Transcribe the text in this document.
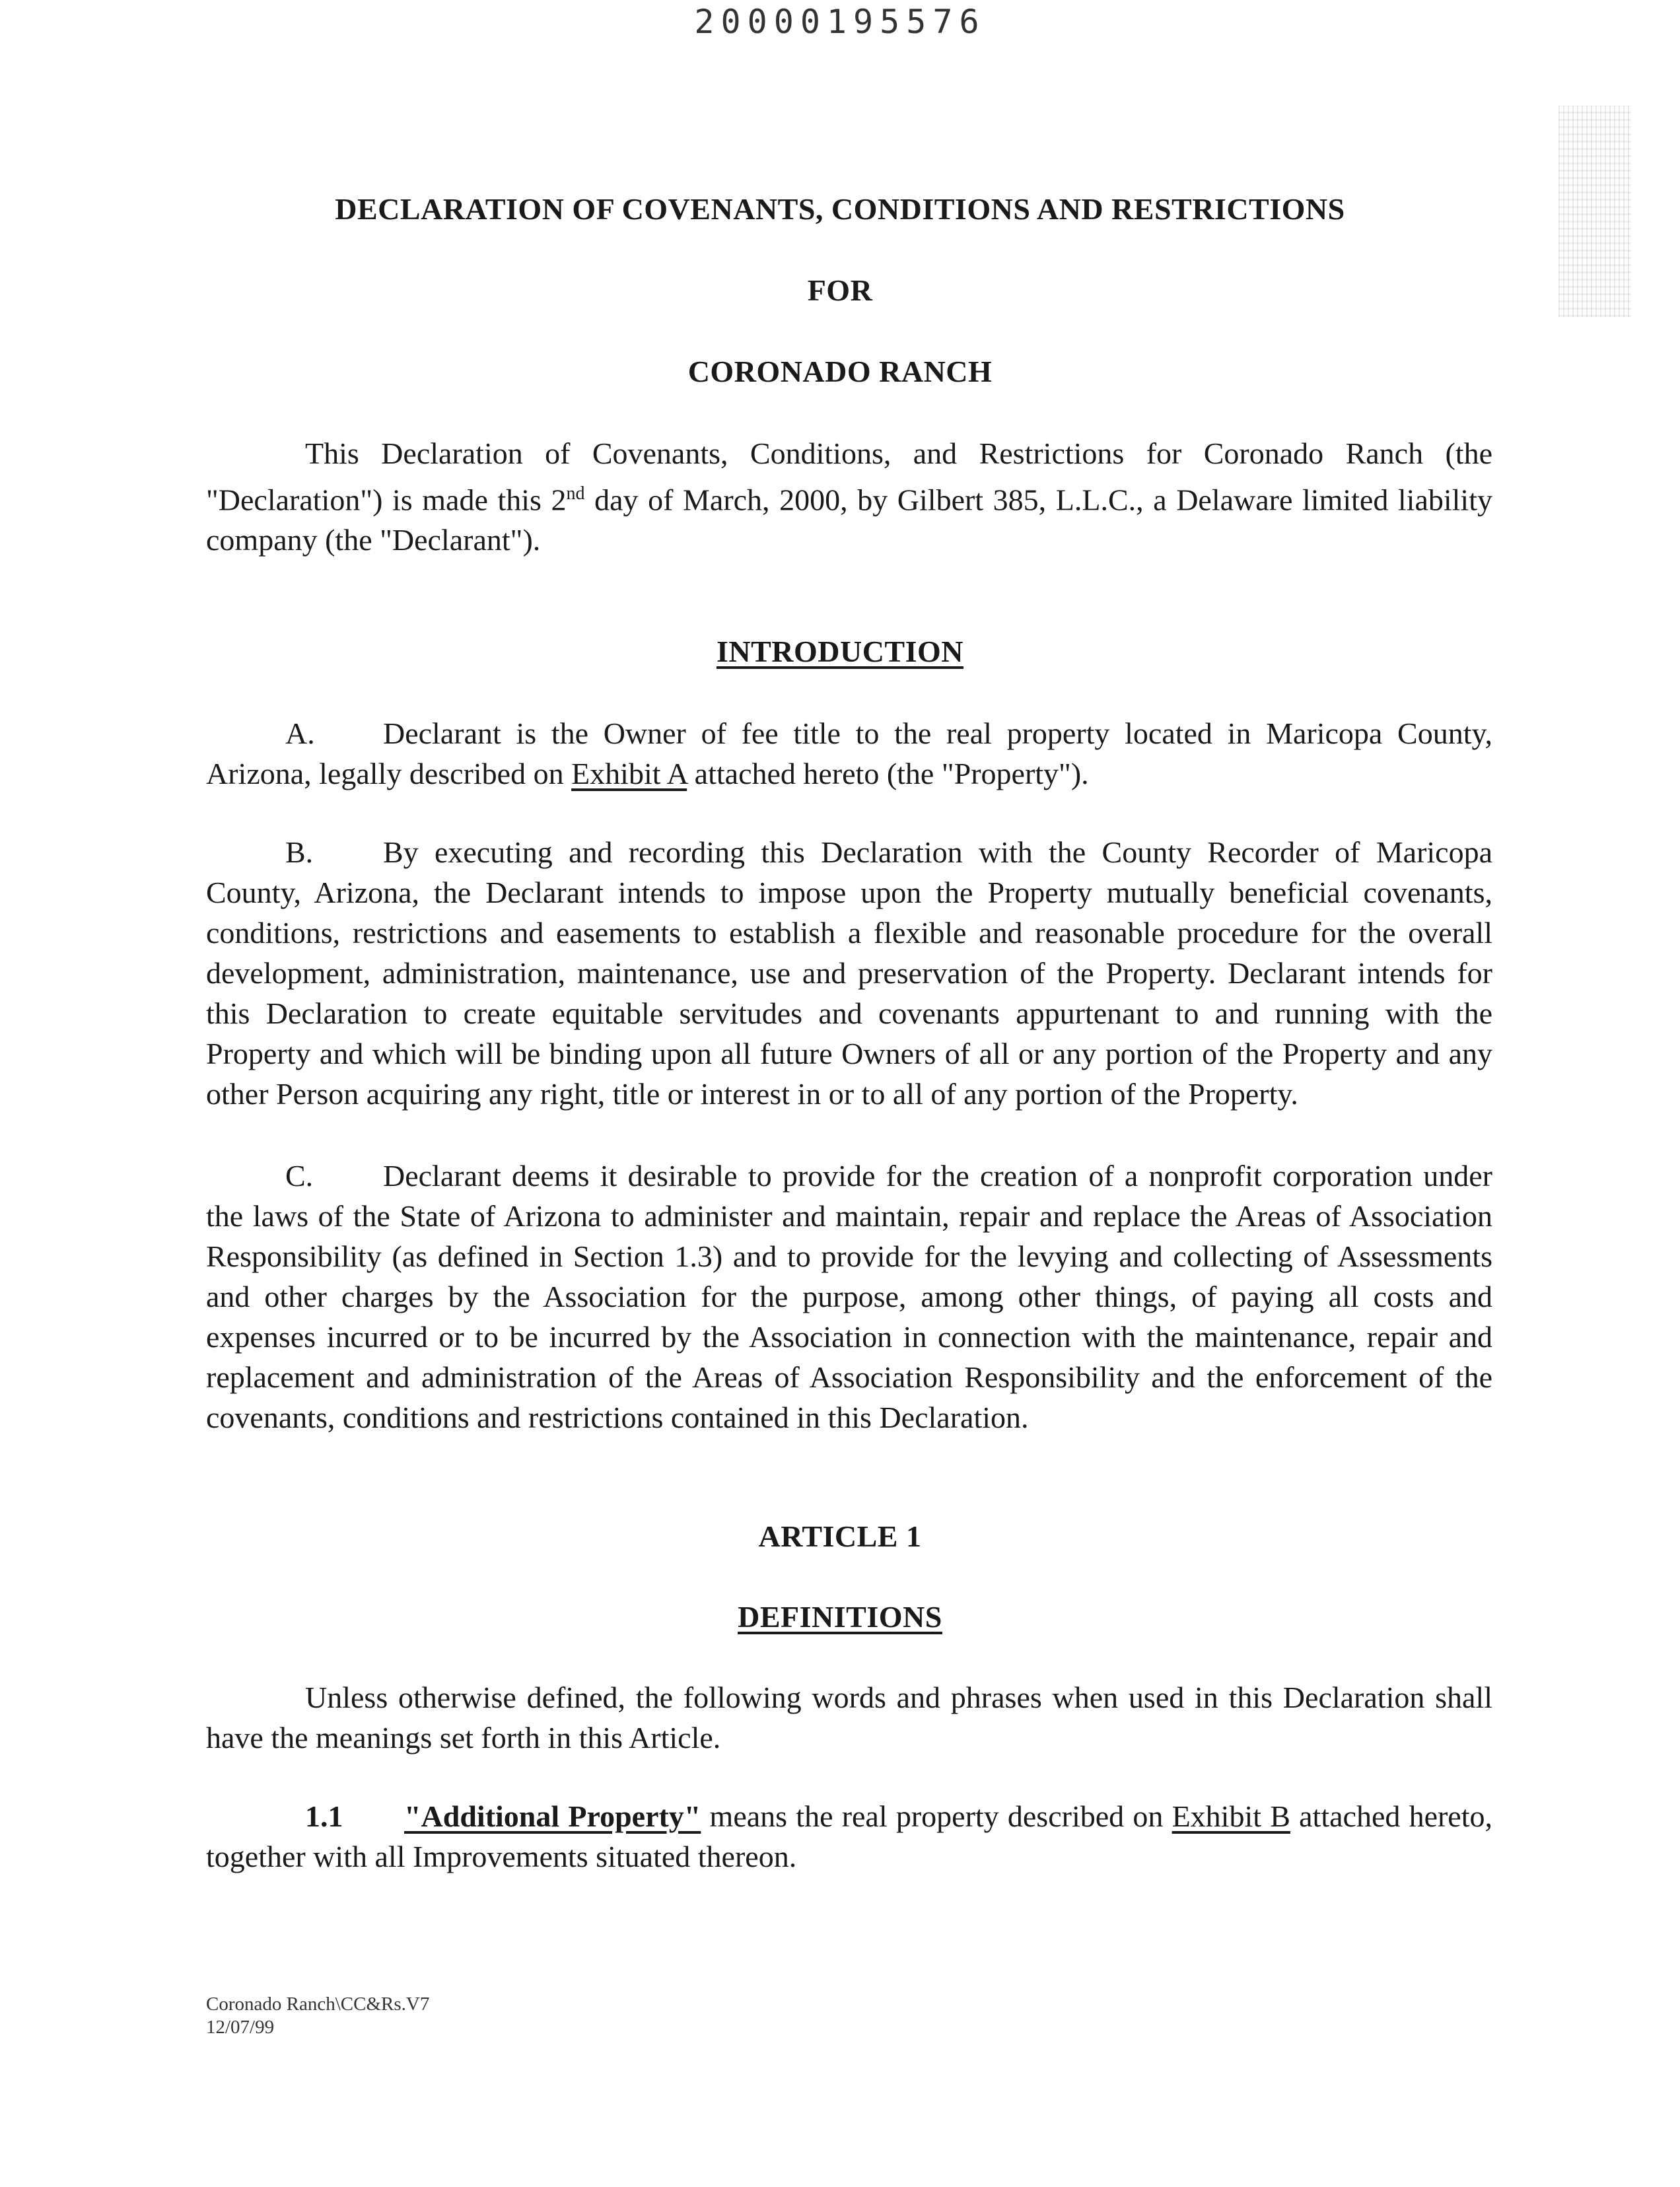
20000195576
DECLARATION OF COVENANTS, CONDITIONS AND RESTRICTIONS
FOR
CORONADO RANCH
This Declaration of Covenants, Conditions, and Restrictions for Coronado Ranch (the "Declaration") is made this 2nd day of March, 2000, by Gilbert 385, L.L.C., a Delaware limited liability company (the "Declarant").
INTRODUCTION
A. Declarant is the Owner of fee title to the real property located in Maricopa County, Arizona, legally described on Exhibit A attached hereto (the "Property").
B. By executing and recording this Declaration with the County Recorder of Maricopa County, Arizona, the Declarant intends to impose upon the Property mutually beneficial covenants, conditions, restrictions and easements to establish a flexible and reasonable procedure for the overall development, administration, maintenance, use and preservation of the Property. Declarant intends for this Declaration to create equitable servitudes and covenants appurtenant to and running with the Property and which will be binding upon all future Owners of all or any portion of the Property and any other Person acquiring any right, title or interest in or to all of any portion of the Property.
C. Declarant deems it desirable to provide for the creation of a nonprofit corporation under the laws of the State of Arizona to administer and maintain, repair and replace the Areas of Association Responsibility (as defined in Section 1.3) and to provide for the levying and collecting of Assessments and other charges by the Association for the purpose, among other things, of paying all costs and expenses incurred or to be incurred by the Association in connection with the maintenance, repair and replacement and administration of the Areas of Association Responsibility and the enforcement of the covenants, conditions and restrictions contained in this Declaration.
ARTICLE 1
DEFINITIONS
Unless otherwise defined, the following words and phrases when used in this Declaration shall have the meanings set forth in this Article.
1.1 "Additional Property" means the real property described on Exhibit B attached hereto, together with all Improvements situated thereon.
Coronado Ranch\CC&Rs.V7
12/07/99
